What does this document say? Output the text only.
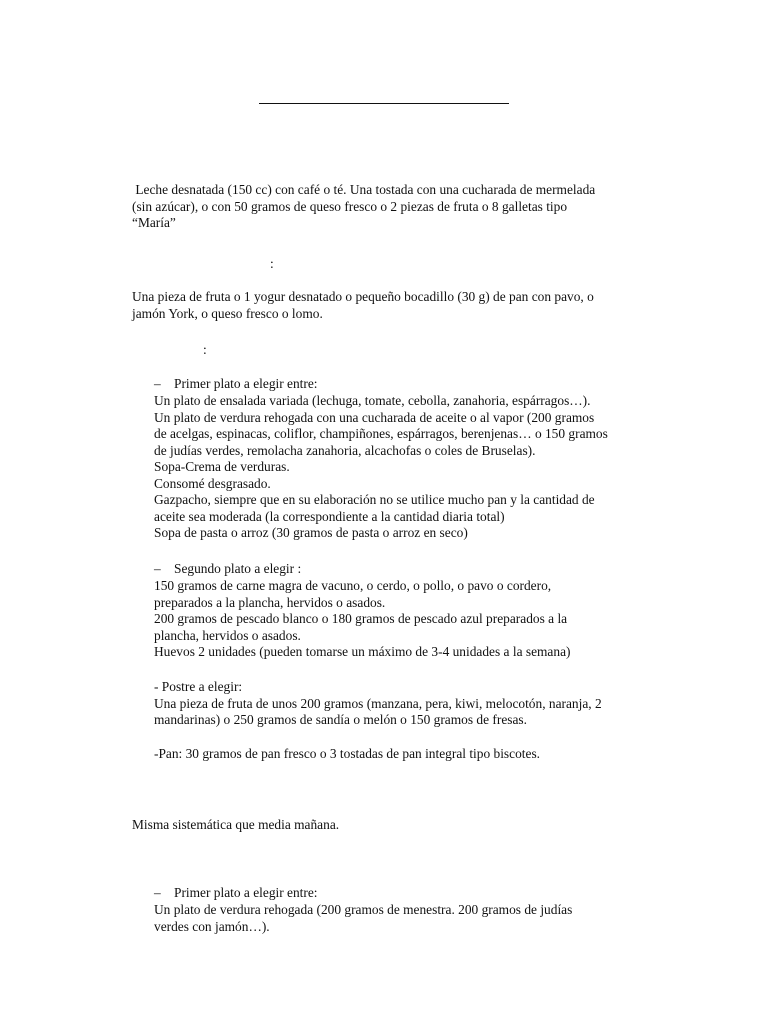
Leche desnatada (150 cc) con café o té. Una tostada con una cucharada de mermelada
(sin azúcar), o con 50 gramos de queso fresco o 2 piezas de fruta o 8 galletas tipo
“María”
:
Una pieza de fruta o 1 yogur desnatado o pequeño bocadillo (30 g) de pan con pavo, o
jamón York, o queso fresco o lomo.
:
– Primer plato a elegir entre:
Un plato de ensalada variada (lechuga, tomate, cebolla, zanahoria, espárragos…).
Un plato de verdura rehogada con una cucharada de aceite o al vapor (200 gramos
de acelgas, espinacas, coliflor, champiñones, espárragos, berenjenas… o 150 gramos
de judías verdes, remolacha zanahoria, alcachofas o coles de Bruselas).
Sopa-Crema de verduras.
Consomé desgrasado.
Gazpacho, siempre que en su elaboración no se utilice mucho pan y la cantidad de
aceite sea moderada (la correspondiente a la cantidad diaria total)
Sopa de pasta o arroz (30 gramos de pasta o arroz en seco)
– Segundo plato a elegir :
150 gramos de carne magra de vacuno, o cerdo, o pollo, o pavo o cordero,
preparados a la plancha, hervidos o asados.
200 gramos de pescado blanco o 180 gramos de pescado azul preparados a la
plancha, hervidos o asados.
Huevos 2 unidades (pueden tomarse un máximo de 3-4 unidades a la semana)
- Postre a elegir:
Una pieza de fruta de unos 200 gramos (manzana, pera, kiwi, melocotón, naranja, 2
mandarinas) o 250 gramos de sandía o melón o 150 gramos de fresas.
-Pan: 30 gramos de pan fresco o 3 tostadas de pan integral tipo biscotes.
Misma sistemática que media mañana.
– Primer plato a elegir entre:
Un plato de verdura rehogada (200 gramos de menestra. 200 gramos de judías
verdes con jamón…).
